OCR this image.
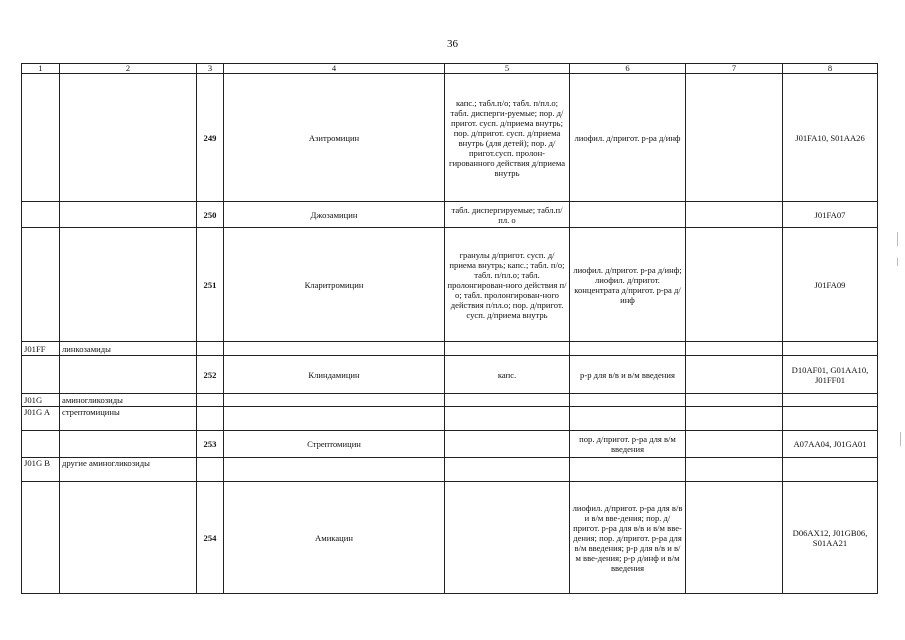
36
1	2	3	4	5	6	7	8
		249	Азитромицин	капс.; табл.п/о; табл. п/пл.о; табл. дисперги-руемые; пор. д/пригот. сусп. д/приема внутрь; пор. д/пригот. сусп. д/приема внутрь (для детей); пор. д/пригот.сусп. пролон-гированного действия д/приема внутрь	лиофил. д/пригот. р-ра д/инф		J01FA10, S01AA26
		250	Джозамицин	табл. диспергируемые; табл.п/пл. о			J01FA07
		251	Кларитромицин	гранулы д/пригот. сусп. д/приема внутрь; капс.; табл. п/о; табл. п/пл.о; табл. пролонгирован-ного действия п/о; табл. пролонгирован-ного действия п/пл.о; пор. д/пригот. сусп. д/приема внутрь	лиофил. д/пригот. р-ра д/инф; лиофил. д/пригот. концентрата д/пригот. р-ра д/инф		J01FA09
J01FF	линкозамиды						
		252	Клиндамицин	капс.	р-р для в/в и в/м введения		D10AF01, G01AA10, J01FF01
J01G	аминогликозиды						
J01G A	стрептомицины						
		253	Стрептомицин		пор. д/пригот. р-ра для в/м введения		A07AA04, J01GA01
J01G B	другие аминогликозиды						
		254	Амикацин		лиофил. д/пригот. р-ра для в/в и в/м вве-дения; пор. д/пригот. р-ра для в/в и в/м вве-дения; пор. д/пригот. р-ра для в/м введения; р-р для в/в и в/м вве-дения; р-р д/инф и в/м введения		D06AX12, J01GB06, S01AA21
